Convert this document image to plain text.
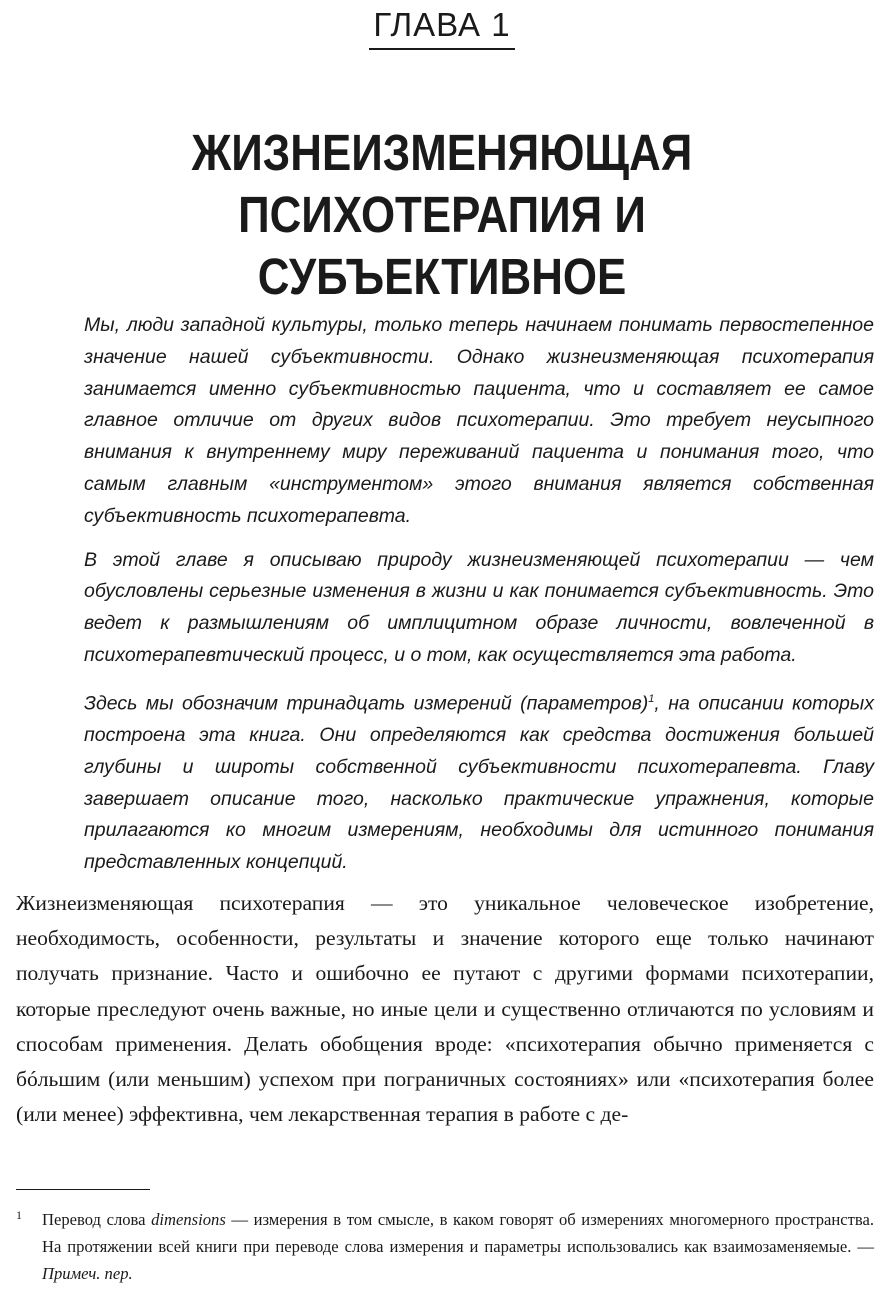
ГЛАВА 1
ЖИЗНЕИЗМЕНЯЮЩАЯ
ПСИХОТЕРАПИЯ И СУБЪЕКТИВНОЕ

Мы, люди западной культуры, только теперь начинаем понимать первостепенное значение нашей субъективности. Однако жизнеизменяющая психотерапия занимается именно субъективностью пациента, что и составляет ее самое главное отличие от других видов психотерапии. Это требует неусыпного внимания к внутреннему миру переживаний пациента и понимания того, что самым главным «инструментом» этого внимания является собственная субъективность психотерапевта.

В этой главе я описываю природу жизнеизменяющей психотерапии — чем обусловлены серьезные изменения в жизни и как понимается субъективность. Это ведет к размышлениям об имплицитном образе личности, вовлеченной в психотерапевтический процесс, и о том, как осуществляется эта работа.

Здесь мы обозначим тринадцать измерений (параметров)$^1$, на описании которых построена эта книга. Они определяются как средства достижения большей глубины и широты собственной субъективности психотерапевта. Главу завершает описание того, насколько практические упражнения, которые прилагаются ко многим измерениям, необходимы для истинного понимания представленных концепций.

Жизнеизменяющая психотерапия — это уникальное человеческое изобретение, необходимость, особенности, результаты и значение которого еще только начинают получать признание. Часто и ошибочно ее путают с другими формами психотерапии, которые преследуют очень важные, но иные цели и существенно отличаются по условиям и способам применения. Делать обобщения вроде: «психотерапия обычно применяется с бóльшим (или меньшим) успехом при пограничных состояниях» или «психотерапия более (или менее) эффективна, чем лекарственная терапия в работе с де-

1 Перевод слова dimensions — измерения в том смысле, в каком говорят об измерениях многомерного пространства. На протяжении всей книги при переводе слова измерения и параметры использовались как взаимозаменяемые. — Примеч. пер.
